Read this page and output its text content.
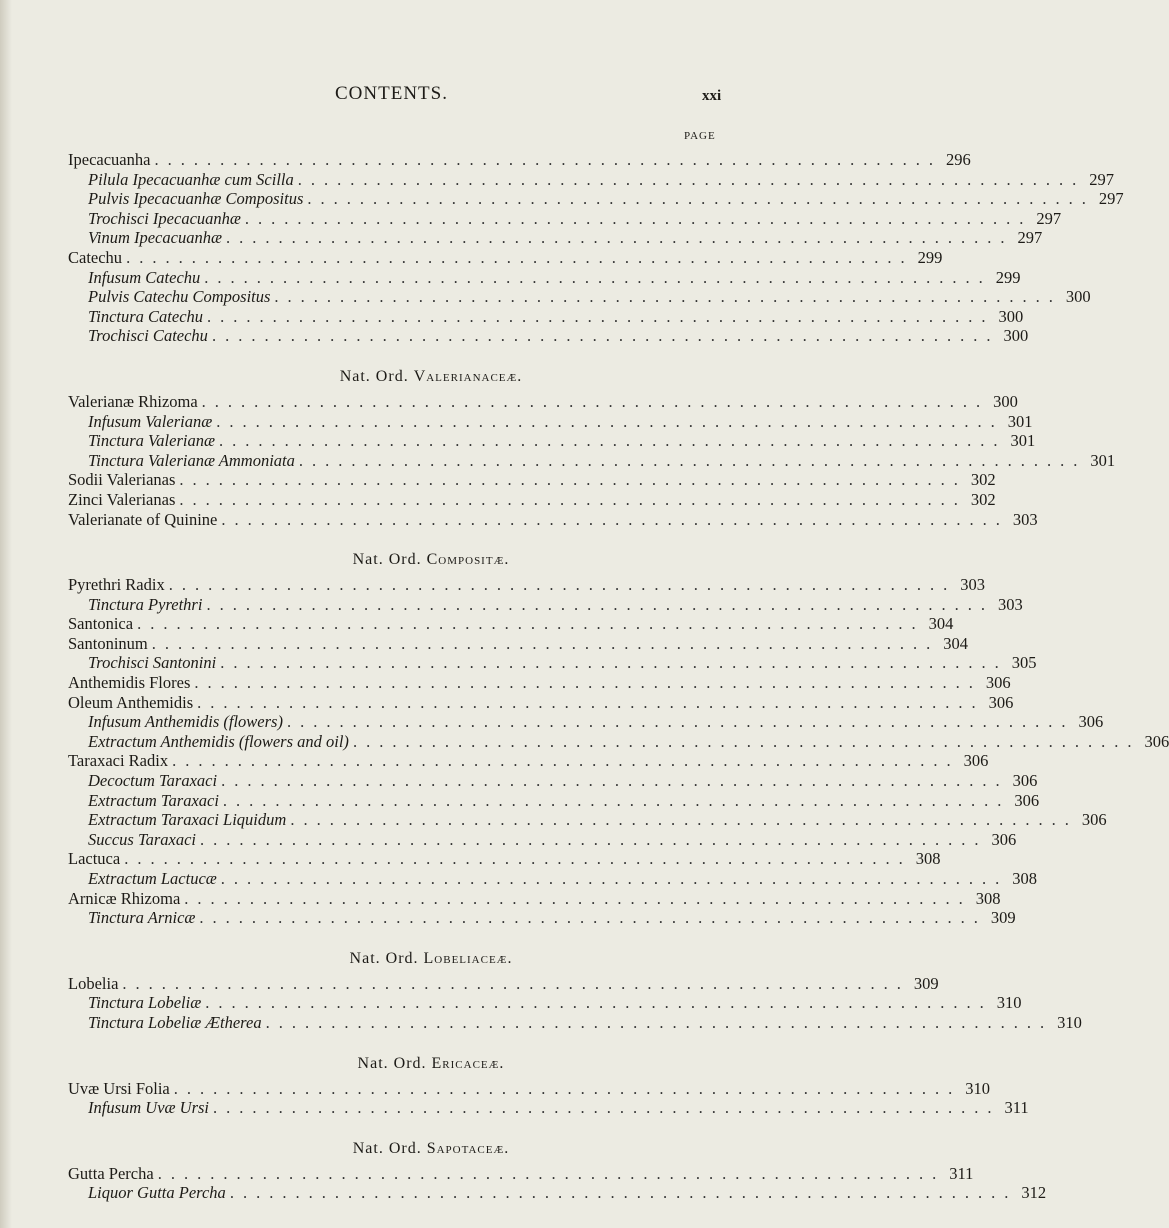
CONTENTS.	xxi
PAGE
Ipecacuanha ............................................................ 296
Pilula Ipecacuanhæ cum Scilla ............................................................ 297
Pulvis Ipecacuanhæ Compositus ............................................................ 297
Trochisci Ipecacuanhæ ............................................................ 297
Vinum Ipecacuanhæ ............................................................ 297
Catechu ............................................................ 299
Infusum Catechu ............................................................ 299
Pulvis Catechu Compositus ............................................................ 300
Tinctura Catechu ............................................................ 300
Trochisci Catechu ............................................................ 300
Nat. Ord. Valerianaceæ.
Valerianæ Rhizoma ............................................................ 300
Infusum Valerianæ ............................................................ 301
Tinctura Valerianæ ............................................................ 301
Tinctura Valerianæ Ammoniata ............................................................ 301
Sodii Valerianas ............................................................ 302
Zinci Valerianas ............................................................ 302
Valerianate of Quinine ............................................................ 303
Nat. Ord. Compositæ.
Pyrethri Radix ............................................................ 303
Tinctura Pyrethri ............................................................ 303
Santonica ............................................................ 304
Santoninum ............................................................ 304
Trochisci Santonini ............................................................ 305
Anthemidis Flores ............................................................ 306
Oleum Anthemidis ............................................................ 306
Infusum Anthemidis (flowers) ............................................................ 306
Extractum Anthemidis (flowers and oil) ............................................................ 306
Taraxaci Radix ............................................................ 306
Decoctum Taraxaci ............................................................ 306
Extractum Taraxaci ............................................................ 306
Extractum Taraxaci Liquidum ............................................................ 306
Succus Taraxaci ............................................................ 306
Lactuca ............................................................ 308
Extractum Lactucæ ............................................................ 308
Arnicæ Rhizoma ............................................................ 308
Tinctura Arnicæ ............................................................ 309
Nat. Ord. Lobeliaceæ.
Lobelia ............................................................ 309
Tinctura Lobeliæ ............................................................ 310
Tinctura Lobeliæ Ætherea ............................................................ 310
Nat. Ord. Ericaceæ.
Uvæ Ursi Folia ............................................................ 310
Infusum Uvæ Ursi ............................................................ 311
Nat. Ord. Sapotaceæ.
Gutta Percha ............................................................ 311
Liquor Gutta Percha ............................................................ 312
